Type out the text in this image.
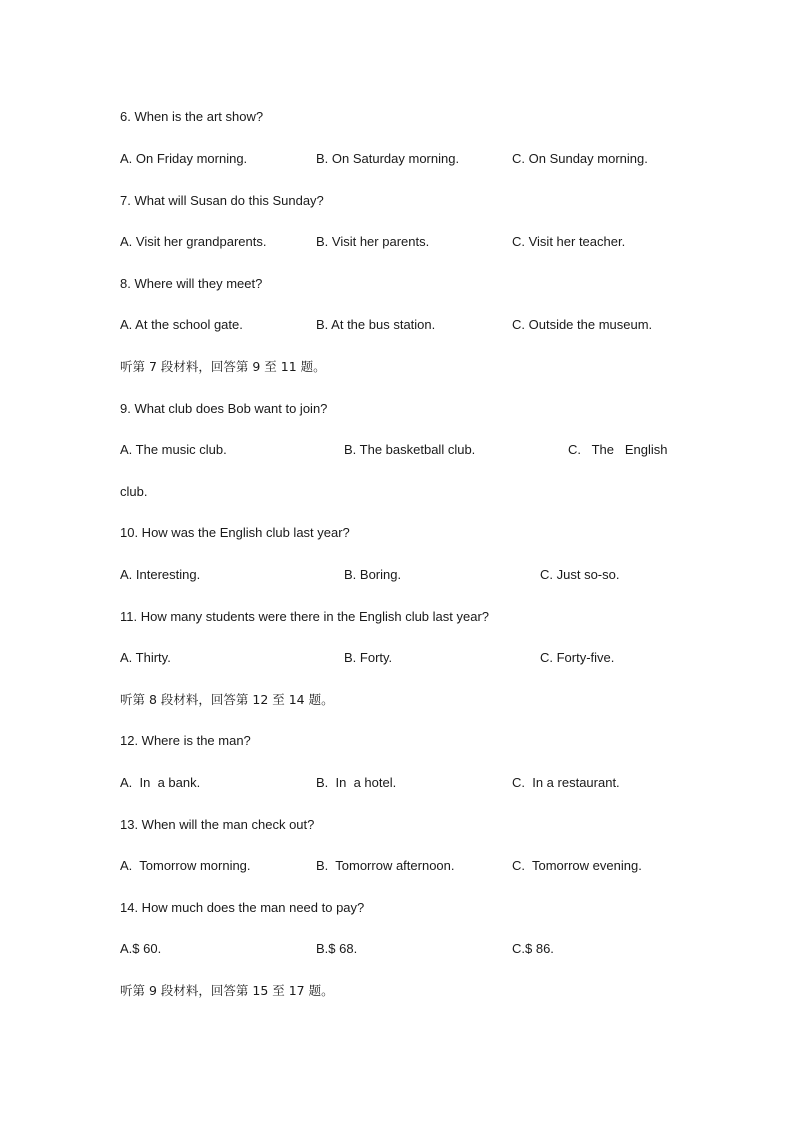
6. When is the art show?
A. On Friday morning.	B. On Saturday morning.	C. On Sunday morning.
7. What will Susan do this Sunday?
A. Visit her grandparents.	B. Visit her parents.	C. Visit her teacher.
8. Where will they meet?
A. At the school gate.	B. At the bus station.	C. Outside the museum.
听第 7 段材料，回答第 9 至 11 题。
9. What club does Bob want to join?
A. The music club.	B. The basketball club.	C.   The   English
club.
10. How was the English club last year?
A. Interesting.	B. Boring.	C. Just so-so.
11. How many students were there in the English club last year?
A. Thirty.	B. Forty.	C. Forty-five.
听第 8 段材料，回答第 12 至 14 题。
12. Where is the man?
A.  In  a bank.	B.  In  a hotel.	C.  In a restaurant.
13. When will the man check out?
A.  Tomorrow morning.	B.  Tomorrow afternoon.	C.  Tomorrow evening.
14. How much does the man need to pay?
A.$ 60.	B.$ 68.	C.$ 86.
听第 9 段材料，回答第 15 至 17 题。
